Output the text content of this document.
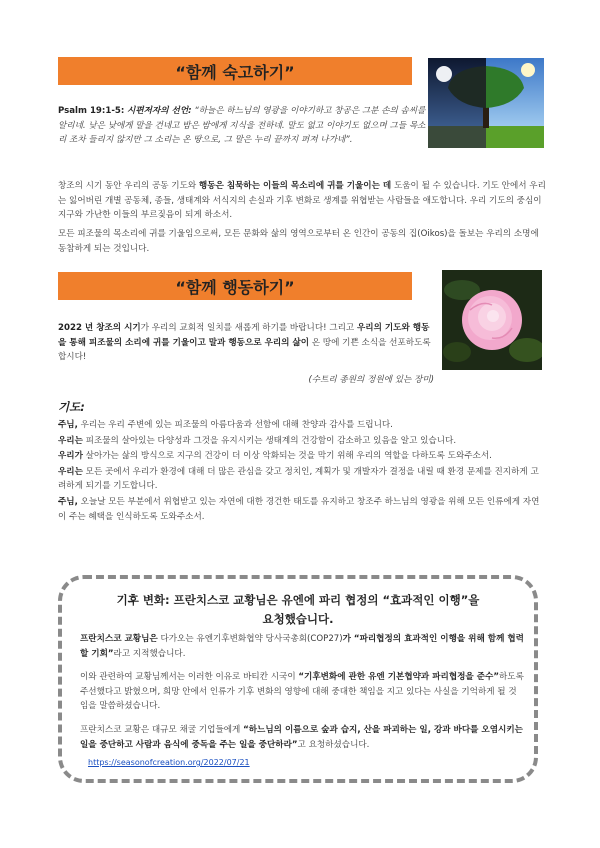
“함께 숙고하기”
Psalm 19:1-5: 시편저자의 선언: “하늘은 하느님의 영광을 이야기하고 창공은 그분 손의 솜씨를 알리네. 낮은 낮에게 말을 건네고 밤은 밤에게 지식을 전하네. 말도 없고 이야기도 없으며 그들 목소리 조차 들리지 않지만 그 소리는 온 땅으로, 그 말은 누리 끝까지 퍼져 나가네”.
창조의 시기 동안 우리의 공동 기도와 행동은 침묵하는 이들의 목소리에 귀를 기울이는 데 도움이 될 수 있습니다. 기도 안에서 우리는 잃어버린 개별 공동체, 종들, 생태계와 서식지의 손실과 기후 변화로 생계를 위협받는 사람들을 애도합니다. 우리 기도의 중심이 지구와 가난한 이들의 부르짖음이 되게 하소서.
모든 피조물의 목소리에 귀를 기울임으로써, 모든 문화와 삶의 영역으로부터 온 인간이 공동의 집(Oikos)을 돌보는 우리의 소명에 동참하게 되는 것입니다.
“함께 행동하기”
2022 년 창조의 시기가 우리의 교회적 일치를 새롭게 하기를 바랍니다! 그리고 우리의 기도와 행동을 통해 피조물의 소리에 귀를 기울이고 말과 행동으로 우리의 삶이 온 땅에 기쁜 소식을 선포하도록 합시다!
(수트리 종원의 정원에 있는 장미)
기도:

주님, 우리는 우리 주변에 있는 피조물의 아름다움과 선함에 대해 찬양과 감사를 드립니다.

우리는 피조물의 살아있는 다양성과 그것을 유지시키는 생태계의 건강함이 감소하고 있음을 알고 있습니다.

우리가 살아가는 삶의 방식으로 지구의 건강이 더 이상 악화되는 것을 막기 위해 우리의 역할을 다하도록 도와주소서.

우리는 모든 곳에서 우리가 환경에 대해 더 많은 관심을 갖고 정치인, 계획가 및 개발자가 결정을 내릴 때 환경 문제를 진지하게 고려하게 되기를 기도합니다.

주님, 오늘날 모든 부분에서 위협받고 있는 자연에 대한 경건한 태도를 유지하고 창조주 하느님의 영광을 위해 모든 인류에게 자연이 주는 혜택을 인식하도록 도와주소서.

기후 변화: 프란치스코 교황님은 유엔에 파리 협정의 “효과적인 이행”을
요청했습니다.
프란치스코 교황님은 다가오는 유엔기후변화협약 당사국총회(COP27)가 “파리협정의 효과적인 이행을 위해 함께 협력할 기회”라고 지적했습니다.
이와 관련하여 교황님께서는 이러한 이유로 바티칸 시국이 “기후변화에 관한 유엔 기본협약과 파리협정을 준수”하도록 주선했다고 밝혔으며, 희망 안에서 인류가 기후 변화의 영향에 대해 중대한 책임을 지고 있다는 사실을 기억하게 될 것임을 말씀하셨습니다.
프란치스코 교황은 대규모 채굴 기업들에게 “하느님의 이름으로 숲과 습지, 산을 파괴하는 일, 강과 바다를 오염시키는 일을 중단하고 사람과 음식에 중독을 주는 일을 중단하라”고 요청하셨습니다.
https://seasonofcreation.org/2022/07/21
